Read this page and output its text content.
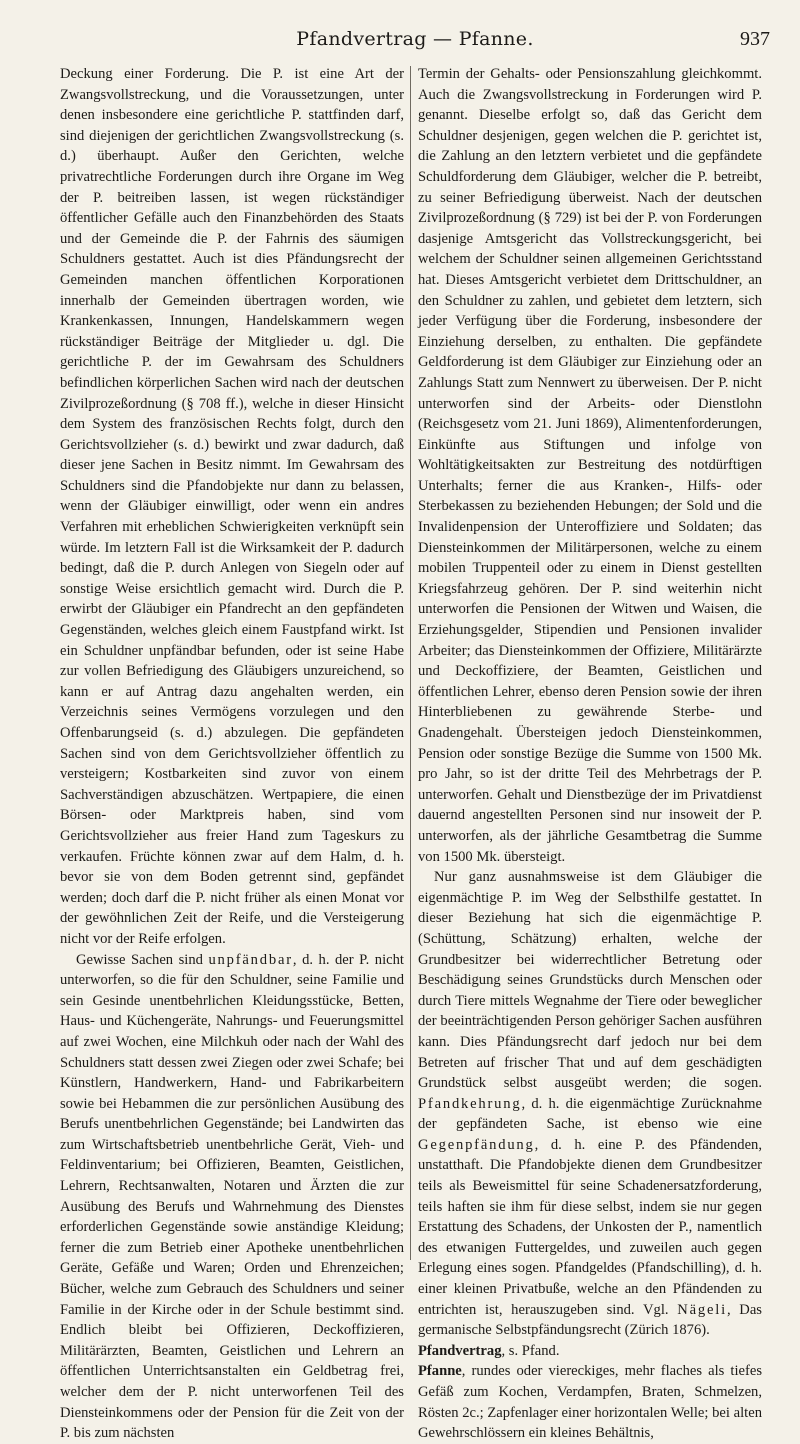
Pfandvertrag — Pfanne.	937

Deckung einer Forderung. Die P. ist eine Art der Zwangsvollstreckung, und die Voraussetzungen, unter denen insbesondere eine gerichtliche P. stattfinden darf, sind diejenigen der gerichtlichen Zwangsvollstreckung (s. d.) überhaupt. Außer den Gerichten, welche privatrechtliche Forderungen durch ihre Organe im Weg der P. beitreiben lassen, ist wegen rückständiger öffentlicher Gefälle auch den Finanzbehörden des Staats und der Gemeinde die P. der Fahrnis des säumigen Schuldners gestattet. Auch ist dies Pfändungsrecht der Gemeinden manchen öffentlichen Korporationen innerhalb der Gemeinden übertragen worden, wie Krankenkassen, Innungen, Handelskammern wegen rückständiger Beiträge der Mitglieder u. dgl. Die gerichtliche P. der im Gewahrsam des Schuldners befindlichen körperlichen Sachen wird nach der deutschen Zivilprozeßordnung (§ 708 ff.), welche in dieser Hinsicht dem System des französischen Rechts folgt, durch den Gerichtsvollzieher (s. d.) bewirkt und zwar dadurch, daß dieser jene Sachen in Besitz nimmt. Im Gewahrsam des Schuldners sind die Pfandobjekte nur dann zu belassen, wenn der Gläubiger einwilligt, oder wenn ein andres Verfahren mit erheblichen Schwierigkeiten verknüpft sein würde. Im letztern Fall ist die Wirksamkeit der P. dadurch bedingt, daß die P. durch Anlegen von Siegeln oder auf sonstige Weise ersichtlich gemacht wird. Durch die P. erwirbt der Gläubiger ein Pfandrecht an den gepfändeten Gegenständen, welches gleich einem Faustpfand wirkt. Ist ein Schuldner unpfändbar befunden, oder ist seine Habe zur vollen Befriedigung des Gläubigers unzureichend, so kann er auf Antrag dazu angehalten werden, ein Verzeichnis seines Vermögens vorzulegen und den Offenbarungseid (s. d.) abzulegen. Die gepfändeten Sachen sind von dem Gerichtsvollzieher öffentlich zu versteigern; Kostbarkeiten sind zuvor von einem Sachverständigen abzuschätzen. Wertpapiere, die einen Börsen- oder Marktpreis haben, sind vom Gerichtsvollzieher aus freier Hand zum Tageskurs zu verkaufen. Früchte können zwar auf dem Halm, d. h. bevor sie von dem Boden getrennt sind, gepfändet werden; doch darf die P. nicht früher als einen Monat vor der gewöhnlichen Zeit der Reife, und die Versteigerung nicht vor der Reife erfolgen.

Gewisse Sachen sind unpfändbar, d. h. der P. nicht unterworfen, so die für den Schuldner, seine Familie und sein Gesinde unentbehrlichen Kleidungsstücke, Betten, Haus- und Küchengeräte, Nahrungs- und Feuerungsmittel auf zwei Wochen, eine Milchkuh oder nach der Wahl des Schuldners statt dessen zwei Ziegen oder zwei Schafe; bei Künstlern, Handwerkern, Hand- und Fabrikarbeitern sowie bei Hebammen die zur persönlichen Ausübung des Berufs unentbehrlichen Gegenstände; bei Landwirten das zum Wirtschaftsbetrieb unentbehrliche Gerät, Vieh- und Feldinventarium; bei Offizieren, Beamten, Geistlichen, Lehrern, Rechtsanwalten, Notaren und Ärzten die zur Ausübung des Berufs und Wahrnehmung des Dienstes erforderlichen Gegenstände sowie anständige Kleidung; ferner die zum Betrieb einer Apotheke unentbehrlichen Geräte, Gefäße und Waren; Orden und Ehrenzeichen; Bücher, welche zum Gebrauch des Schuldners und seiner Familie in der Kirche oder in der Schule bestimmt sind. Endlich bleibt bei Offizieren, Deckoffizieren, Militärärzten, Beamten, Geistlichen und Lehrern an öffentlichen Unterrichtsanstalten ein Geldbetrag frei, welcher dem der P. nicht unterworfenen Teil des Diensteinkommens oder der Pension für die Zeit von der P. bis zum nächsten

Termin der Gehalts- oder Pensionszahlung gleichkommt. Auch die Zwangsvollstreckung in Forderungen wird P. genannt. Dieselbe erfolgt so, daß das Gericht dem Schuldner desjenigen, gegen welchen die P. gerichtet ist, die Zahlung an den letztern verbietet und die gepfändete Schuldforderung dem Gläubiger, welcher die P. betreibt, zu seiner Befriedigung überweist. Nach der deutschen Zivilprozeßordnung (§ 729) ist bei der P. von Forderungen dasjenige Amtsgericht das Vollstreckungsgericht, bei welchem der Schuldner seinen allgemeinen Gerichtsstand hat. Dieses Amtsgericht verbietet dem Drittschuldner, an den Schuldner zu zahlen, und gebietet dem letztern, sich jeder Verfügung über die Forderung, insbesondere der Einziehung derselben, zu enthalten. Die gepfändete Geldforderung ist dem Gläubiger zur Einziehung oder an Zahlungs Statt zum Nennwert zu überweisen. Der P. nicht unterworfen sind der Arbeits- oder Dienstlohn (Reichsgesetz vom 21. Juni 1869), Alimentenforderungen, Einkünfte aus Stiftungen und infolge von Wohltätigkeitsakten zur Bestreitung des notdürftigen Unterhalts; ferner die aus Kranken-, Hilfs- oder Sterbekassen zu beziehenden Hebungen; der Sold und die Invalidenpension der Unteroffiziere und Soldaten; das Diensteinkommen der Militärpersonen, welche zu einem mobilen Truppenteil oder zu einem in Dienst gestellten Kriegsfahrzeug gehören. Der P. sind weiterhin nicht unterworfen die Pensionen der Witwen und Waisen, die Erziehungsgelder, Stipendien und Pensionen invalider Arbeiter; das Diensteinkommen der Offiziere, Militärärzte und Deckoffiziere, der Beamten, Geistlichen und öffentlichen Lehrer, ebenso deren Pension sowie der ihren Hinterbliebenen zu gewährende Sterbe- und Gnadengehalt. Übersteigen jedoch Diensteinkommen, Pension oder sonstige Bezüge die Summe von 1500 Mk. pro Jahr, so ist der dritte Teil des Mehrbetrags der P. unterworfen. Gehalt und Dienstbezüge der im Privatdienst dauernd angestellten Personen sind nur insoweit der P. unterworfen, als der jährliche Gesamtbetrag die Summe von 1500 Mk. übersteigt.

Nur ganz ausnahmsweise ist dem Gläubiger die eigenmächtige P. im Weg der Selbsthilfe gestattet. In dieser Beziehung hat sich die eigenmächtige P. (Schüttung, Schätzung) erhalten, welche der Grundbesitzer bei widerrechtlicher Betretung oder Beschädigung seines Grundstücks durch Menschen oder durch Tiere mittels Wegnahme der Tiere oder beweglicher der beeinträchtigenden Person gehöriger Sachen ausführen kann. Dies Pfändungsrecht darf jedoch nur bei dem Betreten auf frischer That und auf dem geschädigten Grundstück selbst ausgeübt werden; die sogen. Pfandkehrung, d. h. die eigenmächtige Zurücknahme der gepfändeten Sache, ist ebenso wie eine Gegenpfändung, d. h. eine P. des Pfändenden, unstatthaft. Die Pfandobjekte dienen dem Grundbesitzer teils als Beweismittel für seine Schadenersatzforderung, teils haften sie ihm für diese selbst, indem sie nur gegen Erstattung des Schadens, der Unkosten der P., namentlich des etwanigen Futtergeldes, und zuweilen auch gegen Erlegung eines sogen. Pfandgeldes (Pfandschilling), d. h. einer kleinen Privatbuße, welche an den Pfändenden zu entrichten ist, herauszugeben sind. Vgl. Nägeli, Das germanische Selbstpfändungsrecht (Zürich 1876).

Pfandvertrag, s. Pfand.

Pfanne, rundes oder viereckiges, mehr flaches als tiefes Gefäß zum Kochen, Verdampfen, Braten, Schmelzen, Rösten 2c.; Zapfenlager einer horizontalen Welle; bei alten Gewehrschlössern ein kleines Behältnis,
